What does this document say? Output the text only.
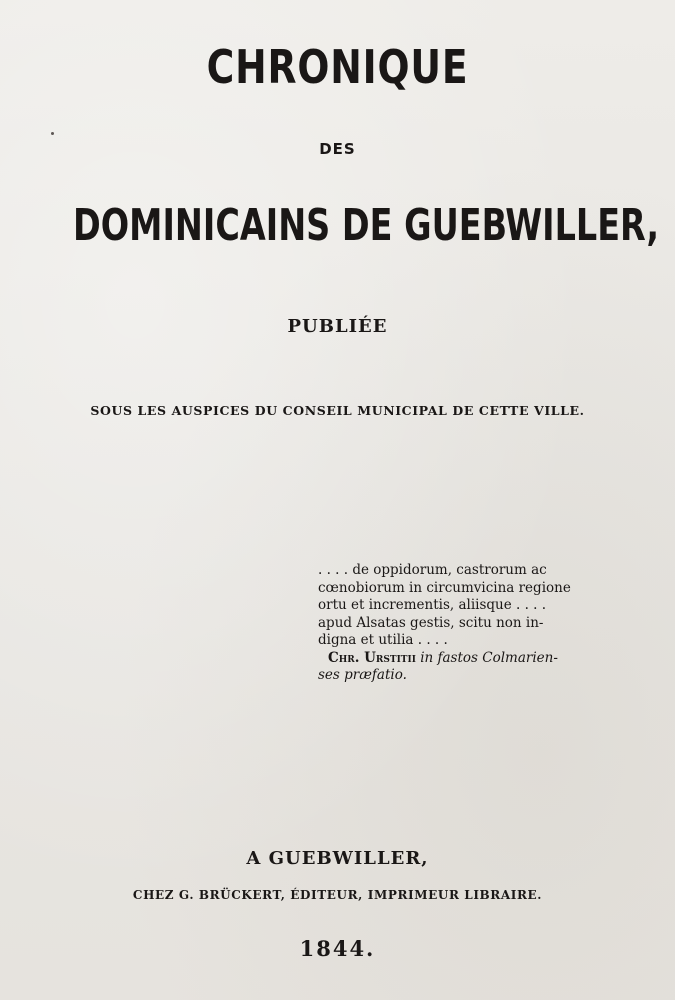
CHRONIQUE
DES
DOMINICAINS DE GUEBWILLER,
PUBLIÉE
SOUS LES AUSPICES DU CONSEIL MUNICIPAL DE CETTE VILLE.
. . . . de oppidorum, castrorum ac
cœnobiorum in circumvicina regione
ortu et incrementis, aliisque . . . .
apud Alsatas gestis, scitu non in-
digna et utilia . . . .
Chr. Urstitii in fastos Colmarien-
ses præfatio.
A GUEBWILLER,
CHEZ G. BRÜCKERT, ÉDITEUR, IMPRIMEUR LIBRAIRE.
1844.
